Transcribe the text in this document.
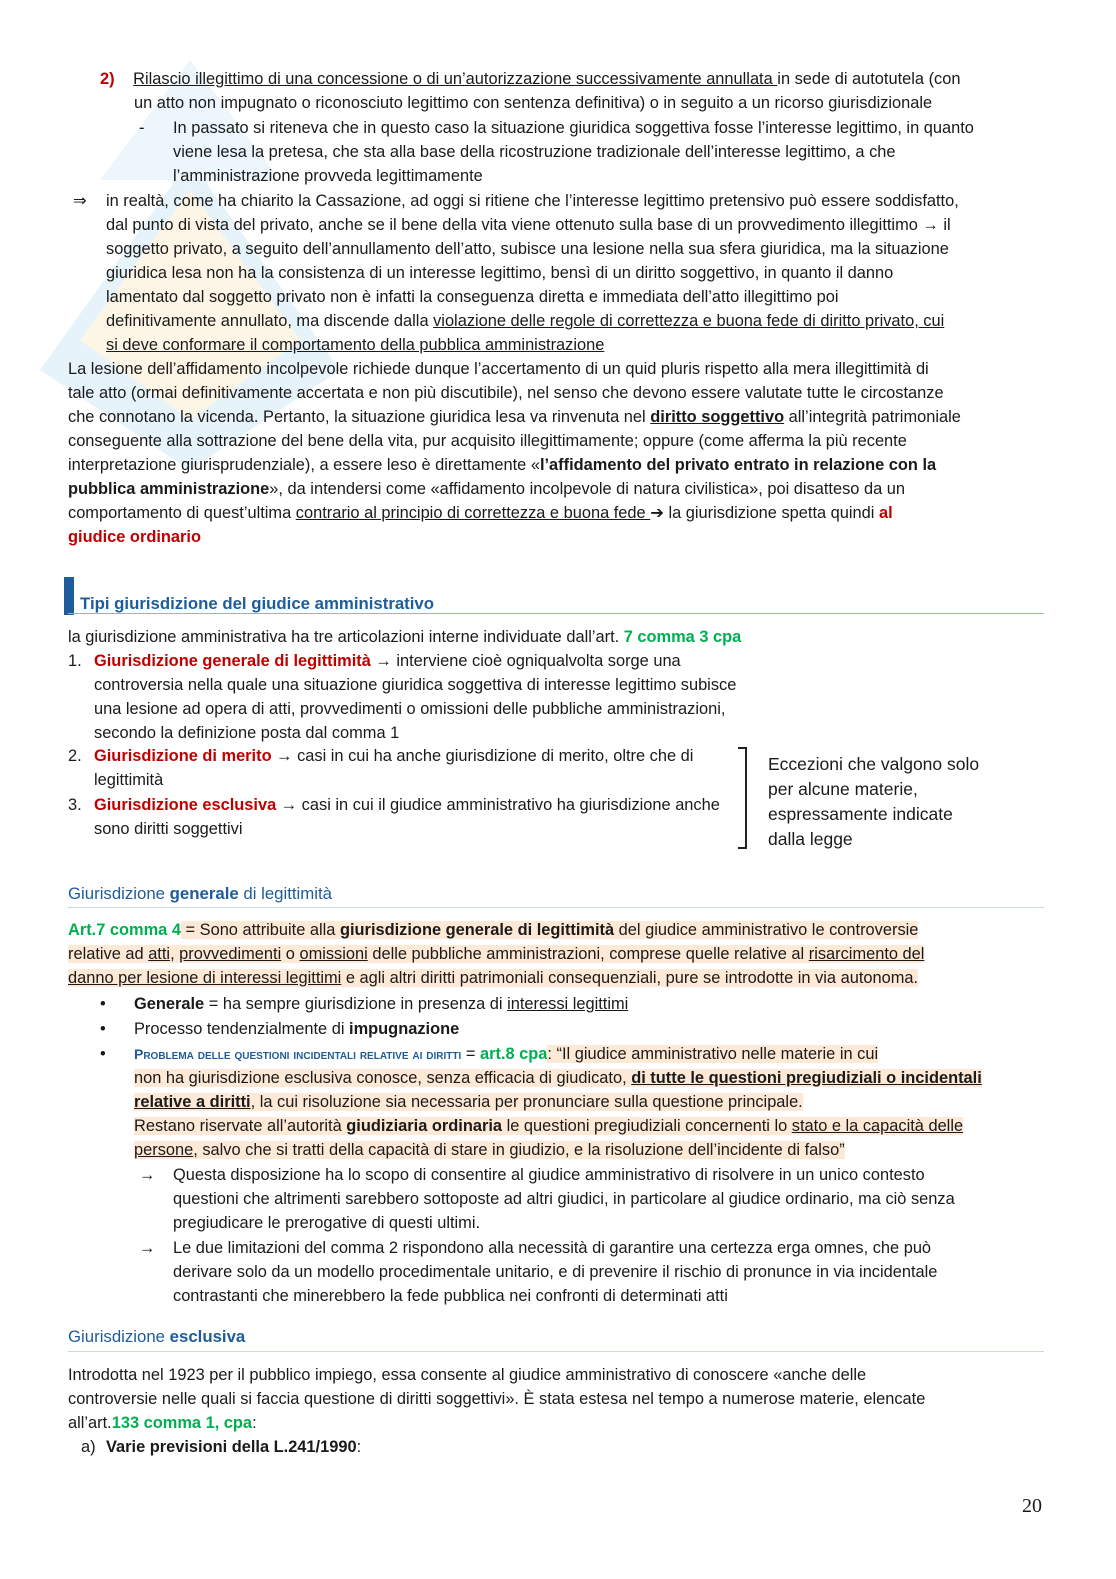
2) Rilascio illegittimo di una concessione o di un’autorizzazione successivamente annullata in sede di autotutela (con
un atto non impugnato o riconosciuto legittimo con sentenza definitiva) o in seguito a un ricorso giurisdizionale
- In passato si riteneva che in questo caso la situazione giuridica soggettiva fosse l’interesse legittimo, in quanto
viene lesa la pretesa, che sta alla base della ricostruzione tradizionale dell’interesse legittimo, a che
l’amministrazione provveda legittimamente
⇒ in realtà, come ha chiarito la Cassazione, ad oggi si ritiene che l’interesse legittimo pretensivo può essere soddisfatto,
dal punto di vista del privato, anche se il bene della vita viene ottenuto sulla base di un provvedimento illegittimo → il
soggetto privato, a seguito dell’annullamento dell’atto, subisce una lesione nella sua sfera giuridica, ma la situazione
giuridica lesa non ha la consistenza di un interesse legittimo, bensì di un diritto soggettivo, in quanto il danno
lamentato dal soggetto privato non è infatti la conseguenza diretta e immediata dell’atto illegittimo poi
definitivamente annullato, ma discende dalla violazione delle regole di correttezza e buona fede di diritto privato, cui
si deve conformare il comportamento della pubblica amministrazione
La lesione dell’affidamento incolpevole richiede dunque l’accertamento di un quid pluris rispetto alla mera illegittimità di
tale atto (ormai definitivamente accertata e non più discutibile), nel senso che devono essere valutate tutte le circostanze
che connotano la vicenda. Pertanto, la situazione giuridica lesa va rinvenuta nel diritto soggettivo all’integrità patrimoniale
conseguente alla sottrazione del bene della vita, pur acquisito illegittimamente; oppure (come afferma la più recente
interpretazione giurisprudenziale), a essere leso è direttamente «l’affidamento del privato entrato in relazione con la
pubblica amministrazione», da intendersi come «affidamento incolpevole di natura civilistica», poi disatteso da un
comportamento di quest’ultima contrario al principio di correttezza e buona fede ➔ la giurisdizione spetta quindi al
giudice ordinario
Tipi giurisdizione del giudice amministrativo
la giurisdizione amministrativa ha tre articolazioni interne individuate dall’art. 7 comma 3 cpa
1. Giurisdizione generale di legittimità → interviene cioè ogniqualvolta sorge una
controversia nella quale una situazione giuridica soggettiva di interesse legittimo subisce
una lesione ad opera di atti, provvedimenti o omissioni delle pubbliche amministrazioni,
secondo la definizione posta dal comma 1
2. Giurisdizione di merito → casi in cui ha anche giurisdizione di merito, oltre che di
legittimità
3. Giurisdizione esclusiva → casi in cui il giudice amministrativo ha giurisdizione anche
sono diritti soggettivi
Eccezioni che valgono solo
per alcune materie,
espressamente indicate
dalla legge
Giurisdizione generale di legittimità
Art.7 comma 4 = Sono attribuite alla giurisdizione generale di legittimità del giudice amministrativo le controversie
relative ad atti, provvedimenti o omissioni delle pubbliche amministrazioni, comprese quelle relative al risarcimento del
danno per lesione di interessi legittimi e agli altri diritti patrimoniali consequenziali, pure se introdotte in via autonoma.
• Generale = ha sempre giurisdizione in presenza di interessi legittimi
• Processo tendenzialmente di impugnazione
• Problema delle questioni incidentali relative ai diritti = art.8 cpa: “Il giudice amministrativo nelle materie in cui
non ha giurisdizione esclusiva conosce, senza efficacia di giudicato, di tutte le questioni pregiudiziali o incidentali
relative a diritti, la cui risoluzione sia necessaria per pronunciare sulla questione principale.
Restano riservate all’autorità giudiziaria ordinaria le questioni pregiudiziali concernenti lo stato e la capacità delle
persone, salvo che si tratti della capacità di stare in giudizio, e la risoluzione dell’incidente di falso”
→ Questa disposizione ha lo scopo di consentire al giudice amministrativo di risolvere in un unico contesto
questioni che altrimenti sarebbero sottoposte ad altri giudici, in particolare al giudice ordinario, ma ciò senza
pregiudicare le prerogative di questi ultimi.
→ Le due limitazioni del comma 2 rispondono alla necessità di garantire una certezza erga omnes, che può
derivare solo da un modello procedimentale unitario, e di prevenire il rischio di pronunce in via incidentale
contrastanti che minerebbero la fede pubblica nei confronti di determinati atti
Giurisdizione esclusiva
Introdotta nel 1923 per il pubblico impiego, essa consente al giudice amministrativo di conoscere «anche delle
controversie nelle quali si faccia questione di diritti soggettivi». È stata estesa nel tempo a numerose materie, elencate
all’art.133 comma 1, cpa:
a) Varie previsioni della L.241/1990:
20
